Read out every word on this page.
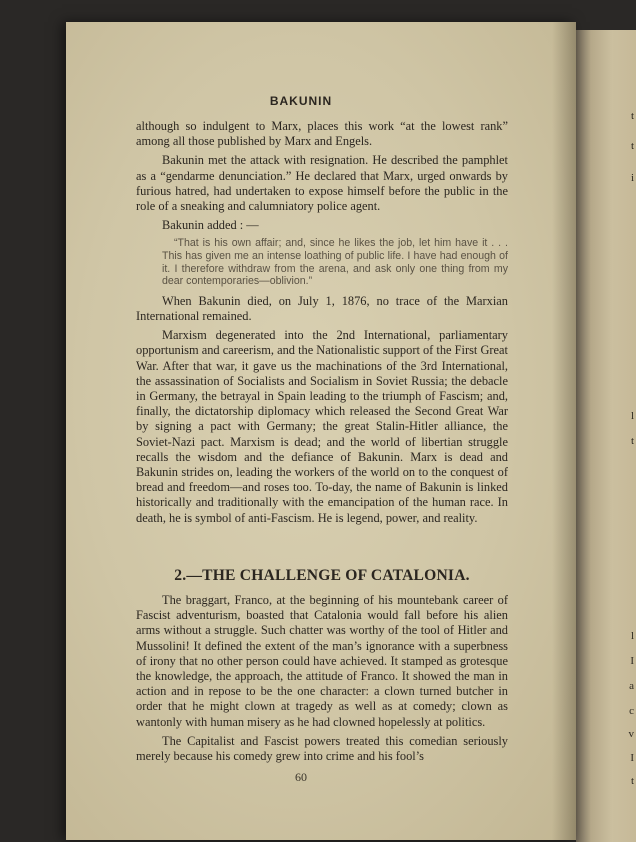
t
t
i
l
t
l
I
a
c
v
I
t
BAKUNIN

although so indulgent to Marx, places this work “at the lowest rank” among all those published by Marx and Engels.

Bakunin met the attack with resignation. He described the pamphlet as a “gendarme denunciation.” He declared that Marx, urged onwards by furious hatred, had undertaken to expose himself before the public in the role of a sneaking and calumniatory police agent.

Bakunin added : —

“That is his own affair; and, since he likes the job, let him have it . . . This has given me an intense loathing of public life. I have had enough of it. I therefore withdraw from the arena, and ask only one thing from my dear contemporaries—oblivion.”

When Bakunin died, on July 1, 1876, no trace of the Marxian International remained.

Marxism degenerated into the 2nd International, parliamentary opportunism and careerism, and the Nationalistic support of the First Great War. After that war, it gave us the machinations of the 3rd International, the assassination of Socialists and Socialism in Soviet Russia; the debacle in Germany, the betrayal in Spain leading to the triumph of Fascism; and, finally, the dictatorship diplomacy which released the Second Great War by signing a pact with Germany; the great Stalin-Hitler alliance, the Soviet-Nazi pact. Marxism is dead; and the world of libertian struggle recalls the wisdom and the defiance of Bakunin. Marx is dead and Bakunin strides on, leading the workers of the world on to the conquest of bread and freedom—and roses too. To-day, the name of Bakunin is linked historically and traditionally with the emancipation of the human race. In death, he is symbol of anti-Fascism. He is legend, power, and reality.

2.—THE CHALLENGE OF CATALONIA.

The braggart, Franco, at the beginning of his mountebank career of Fascist adventurism, boasted that Catalonia would fall before his alien arms without a struggle. Such chatter was worthy of the tool of Hitler and Mussolini! It defined the extent of the man’s ignorance with a superbness of irony that no other person could have achieved. It stamped as grotesque the knowledge, the approach, the attitude of Franco. It showed the man in action and in repose to be the one character: a clown turned butcher in order that he might clown at tragedy as well as at comedy; clown as wantonly with human misery as he had clowned hopelessly at politics.

The Capitalist and Fascist powers treated this comedian seriously merely because his comedy grew into crime and his fool’s

60
